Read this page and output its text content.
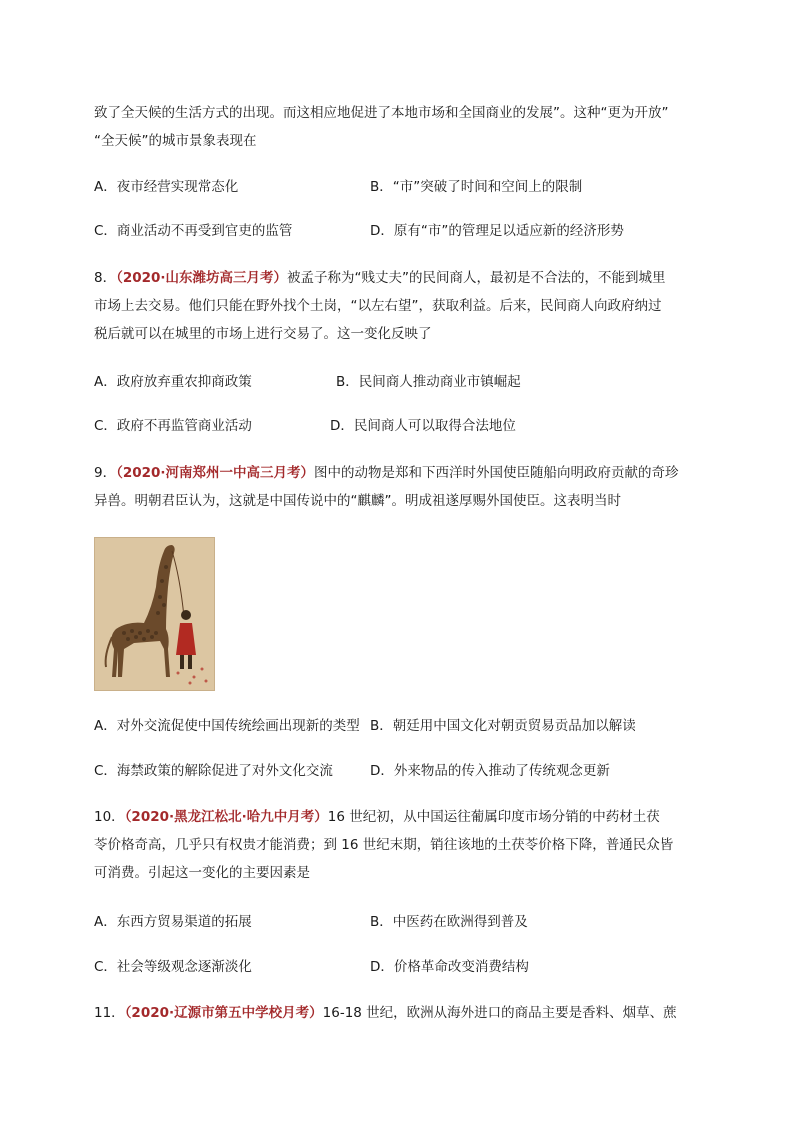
致了全天候的生活方式的出现。而这相应地促进了本地市场和全国商业的发展”。这种“更为开放”
“全天候”的城市景象表现在
A．夜市经营实现常态化	B．“市”突破了时间和空间上的限制
C．商业活动不再受到官吏的监管	D．原有“市”的管理足以适应新的经济形势
8．（2020·山东潍坊高三月考）被孟子称为“贱丈夫”的民间商人，最初是不合法的，不能到城里
市场上去交易。他们只能在野外找个土岗，“以左右望”，获取利益。后来，民间商人向政府纳过
税后就可以在城里的市场上进行交易了。这一变化反映了
A．政府放弃重农抑商政策	B．民间商人推动商业市镇崛起
C．政府不再监管商业活动	D．民间商人可以取得合法地位
9．（2020·河南郑州一中高三月考）图中的动物是郑和下西洋时外国使臣随船向明政府贡献的奇珍
异兽。明朝君臣认为，这就是中国传说中的“麒麟”。明成祖遂厚赐外国使臣。这表明当时
A．对外交流促使中国传统绘画出现新的类型 B．朝廷用中国文化对朝贡贸易贡品加以解读
C．海禁政策的解除促进了对外文化交流	D．外来物品的传入推动了传统观念更新
10．（2020·黑龙江松北·哈九中月考）16 世纪初，从中国运往葡属印度市场分销的中药材土茯
苓价格奇高，几乎只有权贵才能消费；到 16 世纪末期，销往该地的土茯苓价格下降，普通民众皆
可消费。引起这一变化的主要因素是
A．东西方贸易渠道的拓展	B．中医药在欧洲得到普及
C．社会等级观念逐渐淡化	D．价格革命改变消费结构
11．（2020·辽源市第五中学校月考）16-18 世纪，欧洲从海外进口的商品主要是香料、烟草、蔗
